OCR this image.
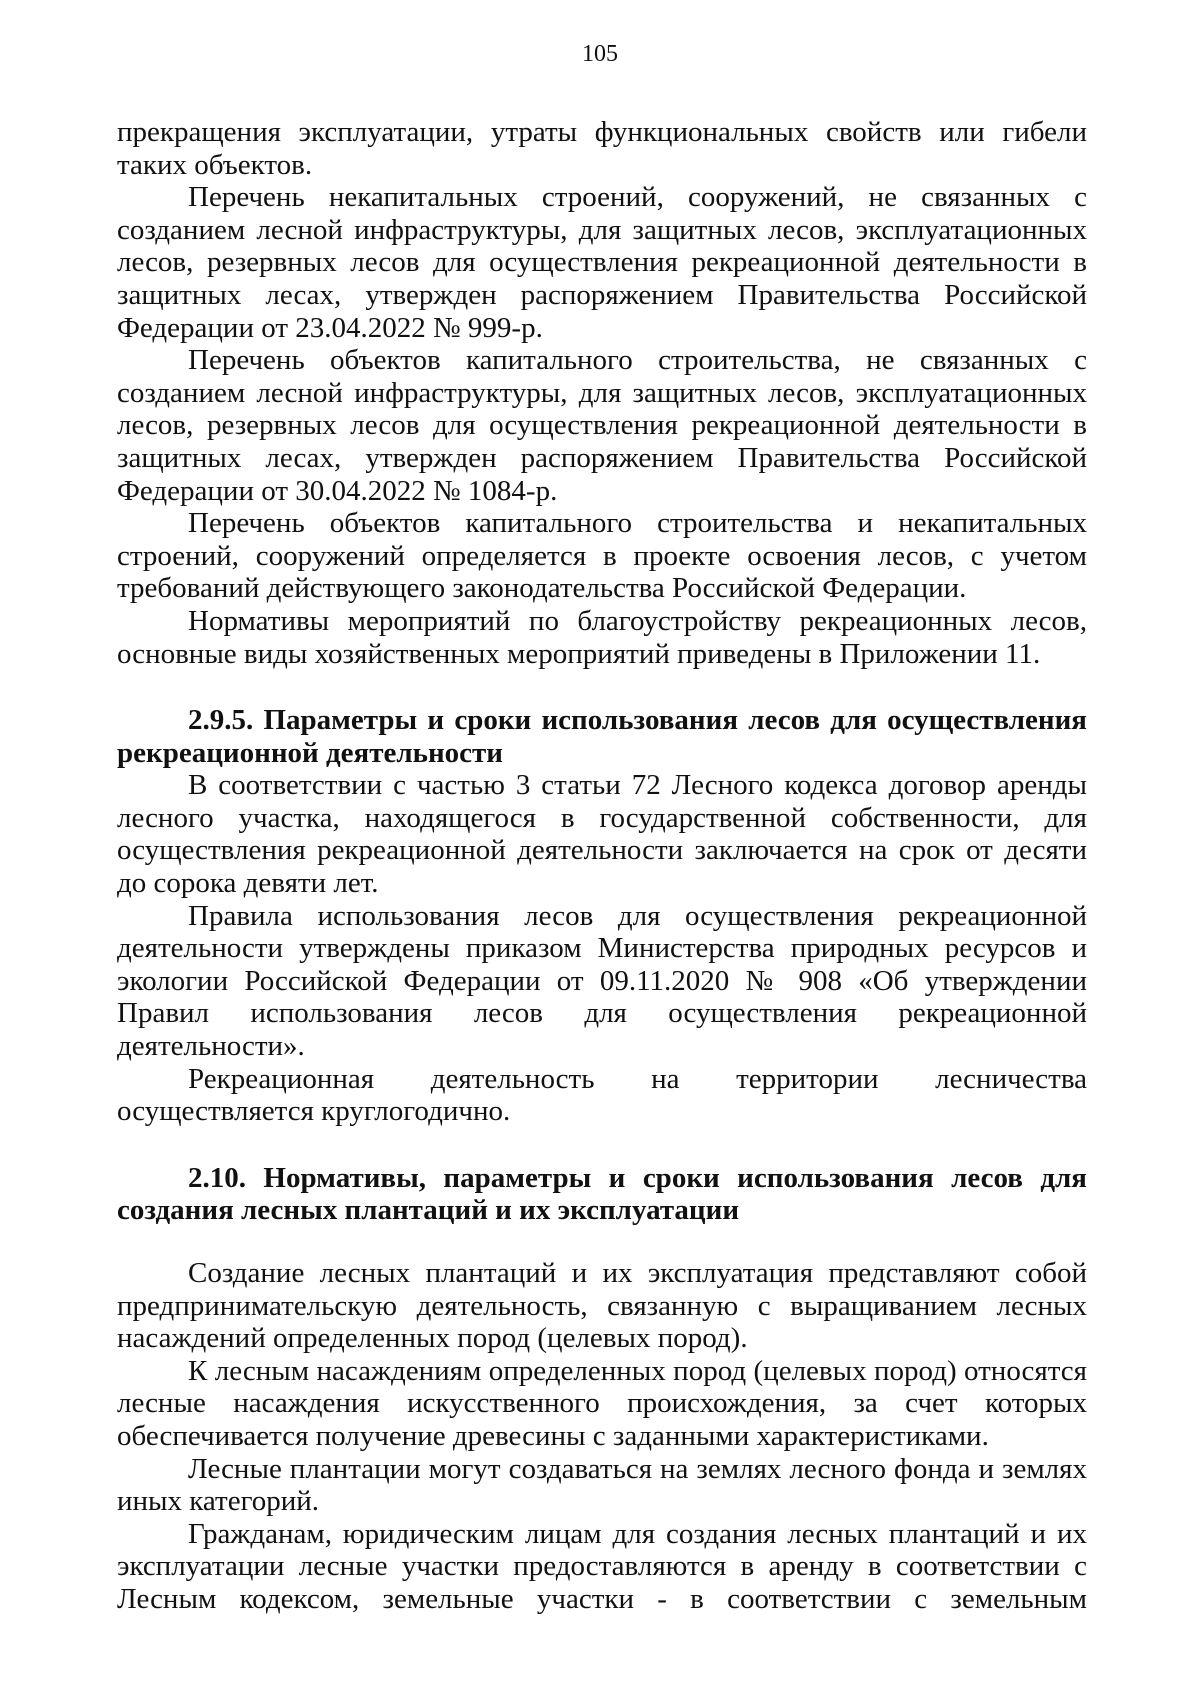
105

прекращения эксплуатации, утраты функциональных свойств или гибели таких объектов.

Перечень некапитальных строений, сооружений, не связанных с созданием лесной инфраструктуры, для защитных лесов, эксплуатационных лесов, резервных лесов для осуществления рекреационной деятельности в защитных лесах, утвержден распоряжением Правительства Российской Федерации от 23.04.2022 № 999-р.

Перечень объектов капитального строительства, не связанных с созданием лесной инфраструктуры, для защитных лесов, эксплуатационных лесов, резервных лесов для осуществления рекреационной деятельности в защитных лесах, утвержден распоряжением Правительства Российской Федерации от 30.04.2022 № 1084-р.

Перечень объектов капитального строительства и некапитальных строений, сооружений определяется в проекте освоения лесов, с учетом требований действующего законодательства Российской Федерации.

Нормативы мероприятий по благоустройству рекреационных лесов, основные виды хозяйственных мероприятий приведены в Приложении 11.

2.9.5. Параметры и сроки использования лесов для осуществления рекреационной деятельности

В соответствии с частью 3 статьи 72 Лесного кодекса договор аренды лесного участка, находящегося в государственной собственности, для осуществления рекреационной деятельности заключается на срок от десяти до сорока девяти лет.

Правила использования лесов для осуществления рекреационной деятельности утверждены приказом Министерства природных ресурсов и экологии Российской Федерации от 09.11.2020 № 908 «Об утверждении Правил использования лесов для осуществления рекреационной деятельности».

Рекреационная деятельность на территории лесничества осуществляется круглогодично.

2.10. Нормативы, параметры и сроки использования лесов для создания лесных плантаций и их эксплуатации

Создание лесных плантаций и их эксплуатация представляют собой предпринимательскую деятельность, связанную с выращиванием лесных насаждений определенных пород (целевых пород).

К лесным насаждениям определенных пород (целевых пород) относятся лесные насаждения искусственного происхождения, за счет которых обеспечивается получение древесины с заданными характеристиками.

Лесные плантации могут создаваться на землях лесного фонда и землях иных категорий.

Гражданам, юридическим лицам для создания лесных плантаций и их эксплуатации лесные участки предоставляются в аренду в соответствии с Лесным кодексом, земельные участки - в соответствии с земельным
